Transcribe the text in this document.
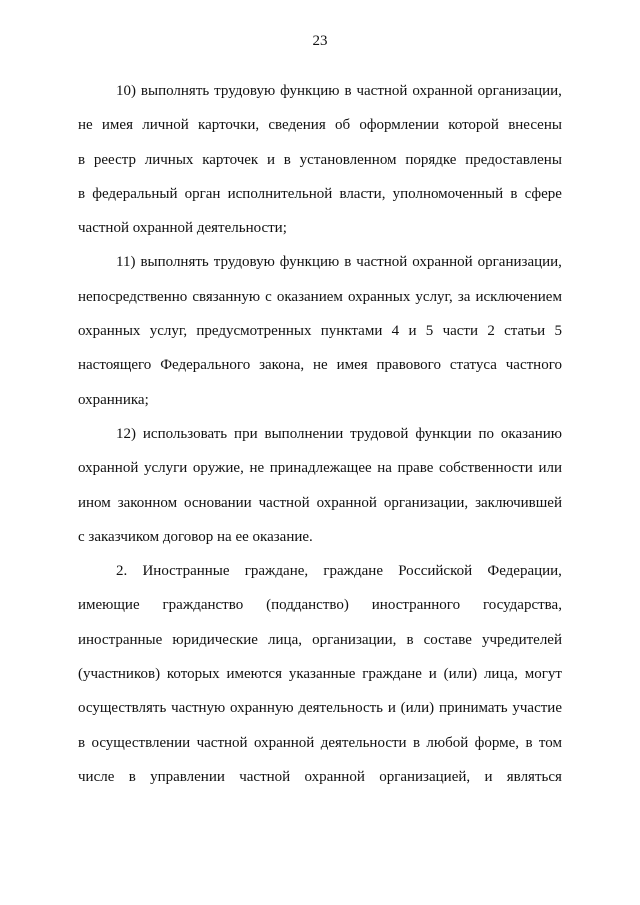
23
10) выполнять трудовую функцию в частной охранной организации,
не имея личной карточки, сведения об оформлении которой внесены
в реестр личных карточек и в установленном порядке предоставлены
в федеральный орган исполнительной власти, уполномоченный в сфере
частной охранной деятельности;
11) выполнять трудовую функцию в частной охранной организации,
непосредственно связанную с оказанием охранных услуг, за исключением
охранных услуг, предусмотренных пунктами 4 и 5 части 2 статьи 5
настоящего Федерального закона, не имея правового статуса частного
охранника;
12) использовать при выполнении трудовой функции по оказанию
охранной услуги оружие, не принадлежащее на праве собственности или
ином законном основании частной охранной организации, заключившей
с заказчиком договор на ее оказание.
2. Иностранные граждане, граждане Российской Федерации,
имеющие гражданство (подданство) иностранного государства,
иностранные юридические лица, организации, в составе учредителей
(участников) которых имеются указанные граждане и (или) лица, могут
осуществлять частную охранную деятельность и (или) принимать участие
в осуществлении частной охранной деятельности в любой форме, в том
числе в управлении частной охранной организацией, и являться
